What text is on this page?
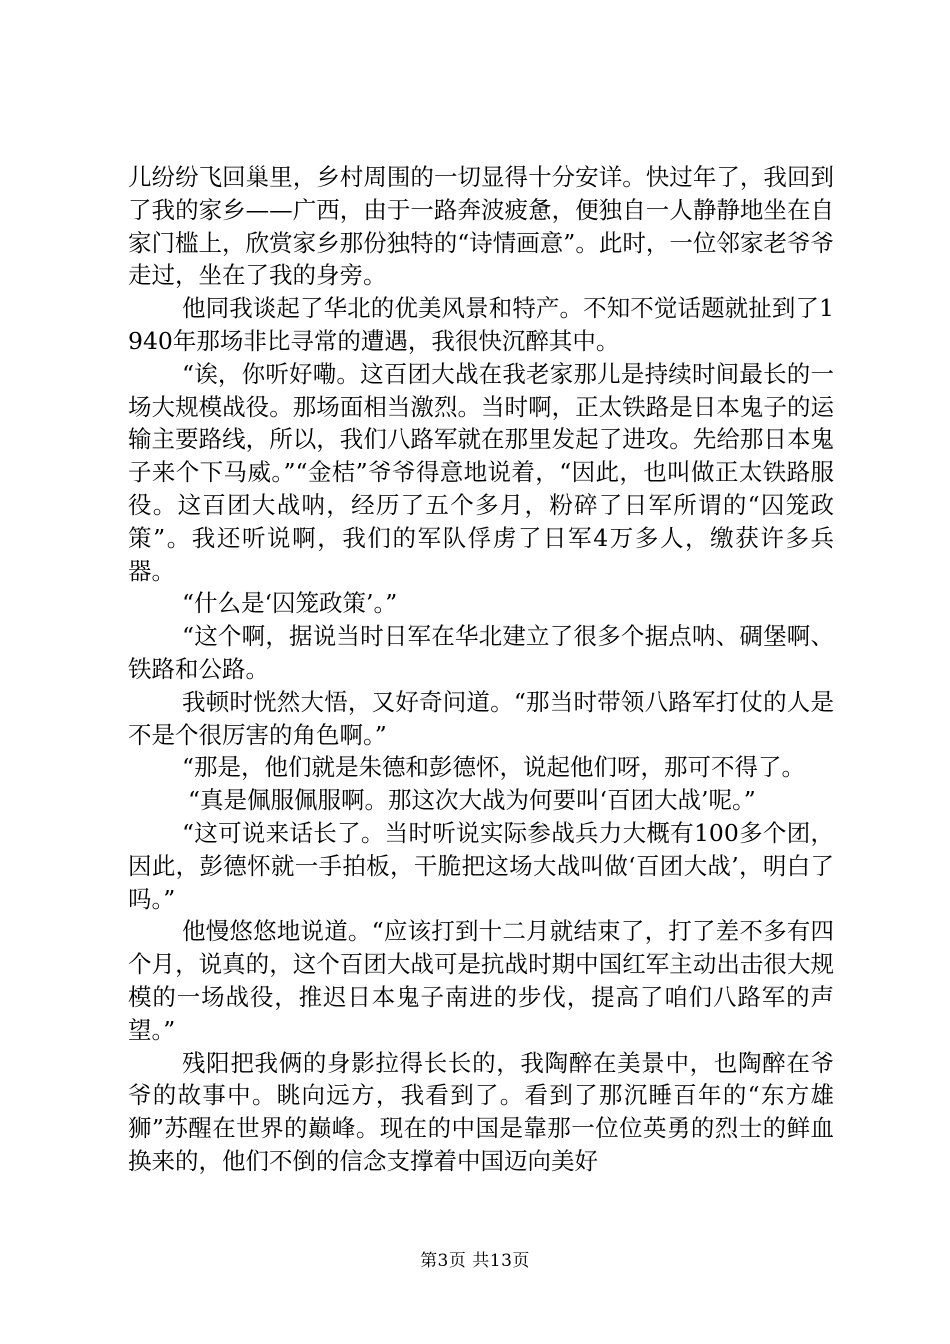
儿纷纷飞回巢里，乡村周围的一切显得十分安详。快过年了，我回到了我的家乡——广西，由于一路奔波疲惫，便独自一人静静地坐在自家门槛上，欣赏家乡那份独特的“诗情画意”。此时，一位邻家老爷爷走过，坐在了我的身旁。

他同我谈起了华北的优美风景和特产。不知不觉话题就扯到了1940年那场非比寻常的遭遇，我很快沉醉其中。

“诶，你听好嘞。这百团大战在我老家那儿是持续时间最长的一场大规模战役。那场面相当激烈。当时啊，正太铁路是日本鬼子的运输主要路线，所以，我们八路军就在那里发起了进攻。先给那日本鬼子来个下马威。”“金桔”爷爷得意地说着，“因此，也叫做正太铁路服役。这百团大战呐，经历了五个多月，粉碎了日军所谓的“囚笼政策”。我还听说啊，我们的军队俘虏了日军4万多人，缴获许多兵器。

“什么是‘囚笼政策’。”

“这个啊，据说当时日军在华北建立了很多个据点呐、碉堡啊、铁路和公路。

我顿时恍然大悟，又好奇问道。“那当时带领八路军打仗的人是不是个很厉害的角色啊。”

“那是，他们就是朱德和彭德怀，说起他们呀，那可不得了。

“真是佩服佩服啊。那这次大战为何要叫‘百团大战’呢。”

“这可说来话长了。当时听说实际参战兵力大概有100多个团，因此，彭德怀就一手拍板，干脆把这场大战叫做‘百团大战’，明白了吗。”

他慢悠悠地说道。“应该打到十二月就结束了，打了差不多有四个月，说真的，这个百团大战可是抗战时期中国红军主动出击很大规模的一场战役，推迟日本鬼子南进的步伐，提高了咱们八路军的声望。”

残阳把我俩的身影拉得长长的，我陶醉在美景中，也陶醉在爷爷的故事中。眺向远方，我看到了。看到了那沉睡百年的“东方雄狮”苏醒在世界的巅峰。现在的中国是靠那一位位英勇的烈士的鲜血换来的，他们不倒的信念支撑着中国迈向美好

第3页 共13页
